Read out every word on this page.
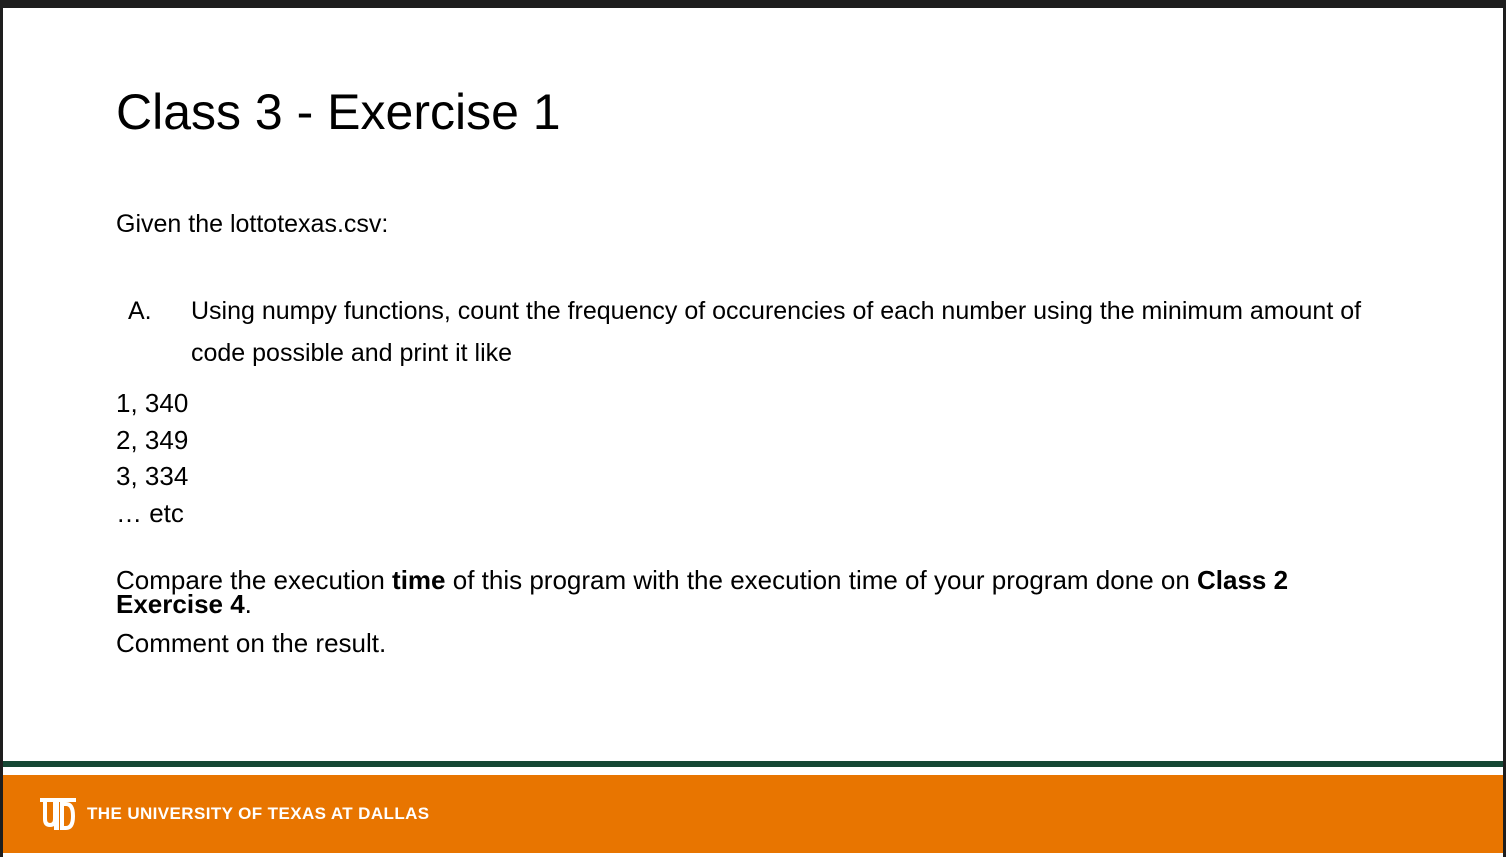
Class 3 - Exercise 1
Given the lottotexas.csv:
A. Using numpy functions, count the frequency of occurencies of each number using the minimum amount of code possible and print it like
1, 340
2, 349
3, 334
… etc
Compare the execution time of this program with the execution time of your program done on Class 2 Exercise 4.
Comment on the result.
THE UNIVERSITY OF TEXAS AT DALLAS
